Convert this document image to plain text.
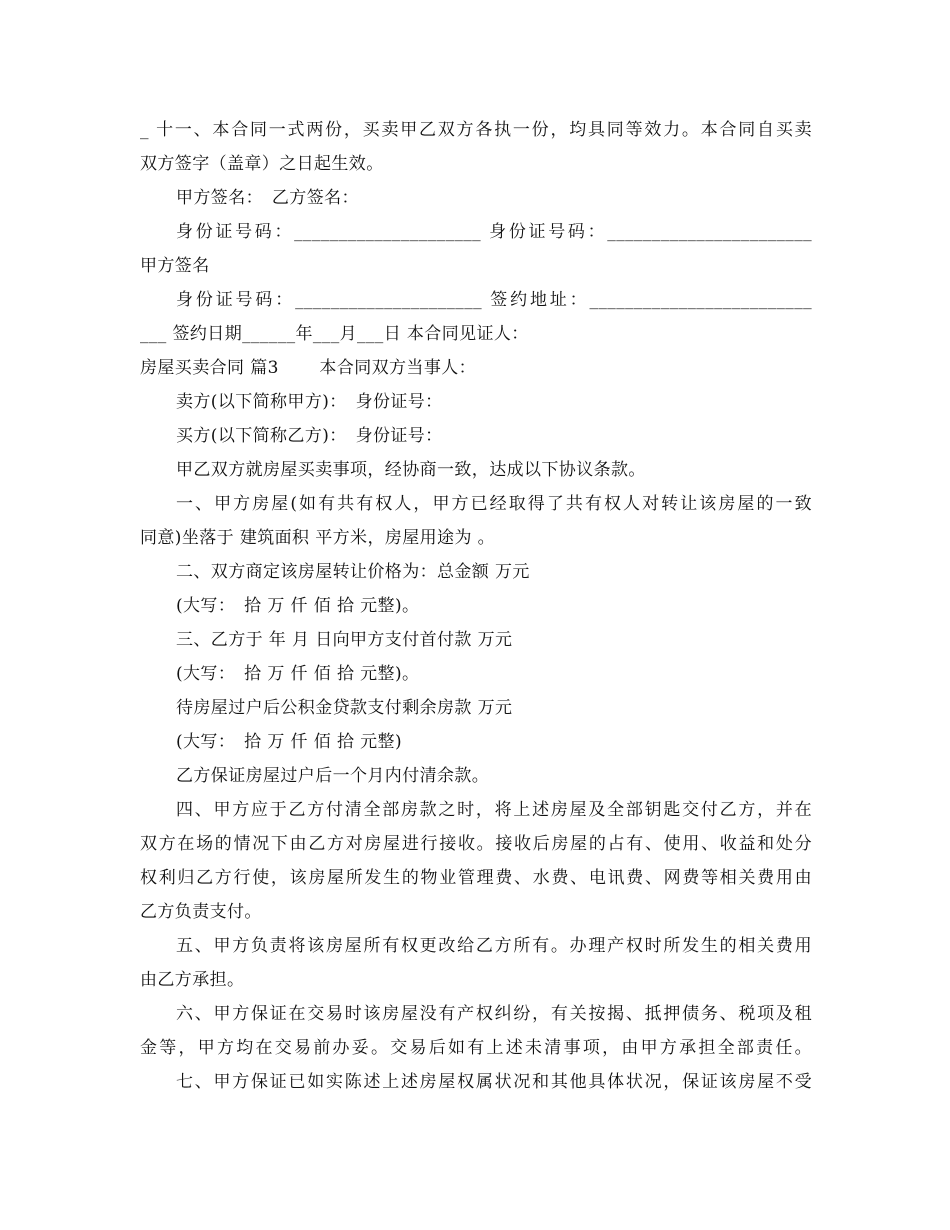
_ 十一、本合同一式两份，买卖甲乙双方各执一份，均具同等效力。本合同自买卖
双方签字（盖章）之日起生效。
甲方签名：　乙方签名：
身份证号码：_____________________ 身份证号码：_______________________
甲方签名
身份证号码：_____________________ 签约地址：_________________________
___ 签约日期______年___月___日 本合同见证人：
房屋买卖合同 篇3 　　本合同双方当事人：
卖方(以下简称甲方)：　身份证号：
买方(以下简称乙方)：　身份证号：
甲乙双方就房屋买卖事项，经协商一致，达成以下协议条款。
一、甲方房屋(如有共有权人，甲方已经取得了共有权人对转让该房屋的一致
同意)坐落于 建筑面积 平方米，房屋用途为 。
二、双方商定该房屋转让价格为：总金额 万元
(大写：　拾 万 仟 佰 拾 元整)。
三、乙方于 年 月 日向甲方支付首付款 万元
(大写：　拾 万 仟 佰 拾 元整)。
待房屋过户后公积金贷款支付剩余房款 万元
(大写：　拾 万 仟 佰 拾 元整)
乙方保证房屋过户后一个月内付清余款。
四、甲方应于乙方付清全部房款之时，将上述房屋及全部钥匙交付乙方，并在
双方在场的情况下由乙方对房屋进行接收。接收后房屋的占有、使用、收益和处分
权利归乙方行使，该房屋所发生的物业管理费、水费、电讯费、网费等相关费用由
乙方负责支付。
五、甲方负责将该房屋所有权更改给乙方所有。办理产权时所发生的相关费用
由乙方承担。
六、甲方保证在交易时该房屋没有产权纠纷，有关按揭、抵押债务、税项及租
金等，甲方均在交易前办妥。交易后如有上述未清事项，由甲方承担全部责任。
七、甲方保证已如实陈述上述房屋权属状况和其他具体状况，保证该房屋不受
